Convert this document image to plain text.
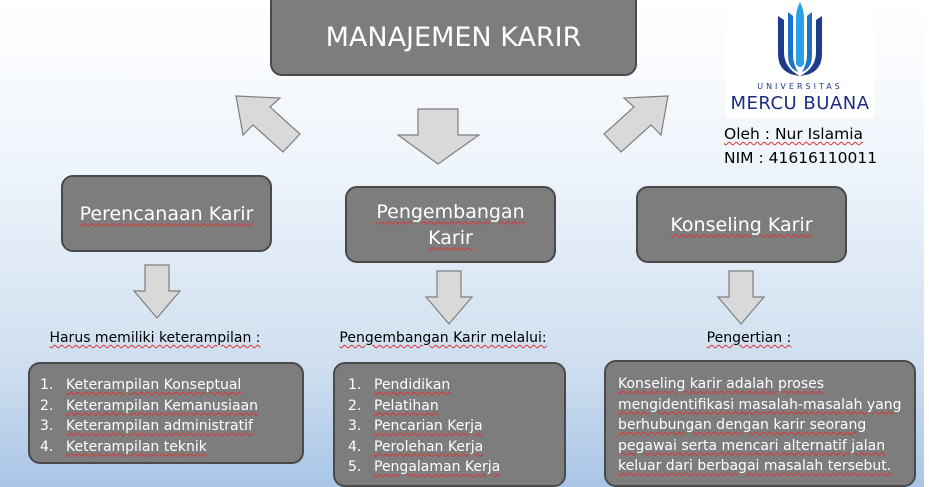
MANAJEMEN KARIR
Perencanaan Karir	Pengembangan
Karir
Konseling Karir
Harus memiliki keterampilan :	Pengembangan Karir melalui:	Pengertian :
1. Keterampilan Konseptual
2. Keterampilan Kemanusiaan
3. Keterampilan administratif
4. Keterampilan teknik
1. Pendidikan
2. Pelatihan
3. Pencarian Kerja
4. Perolehan Kerja
5. Pengalaman Kerja
Konseling karir adalah proses
mengidentifikasi masalah-masalah yang
berhubungan dengan karir seorang
pegawai serta mencari alternatif jalan
keluar dari berbagai masalah tersebut.
UNIVERSITAS
MERCU BUANA
Oleh : Nur Islamia
NIM : 41616110011
